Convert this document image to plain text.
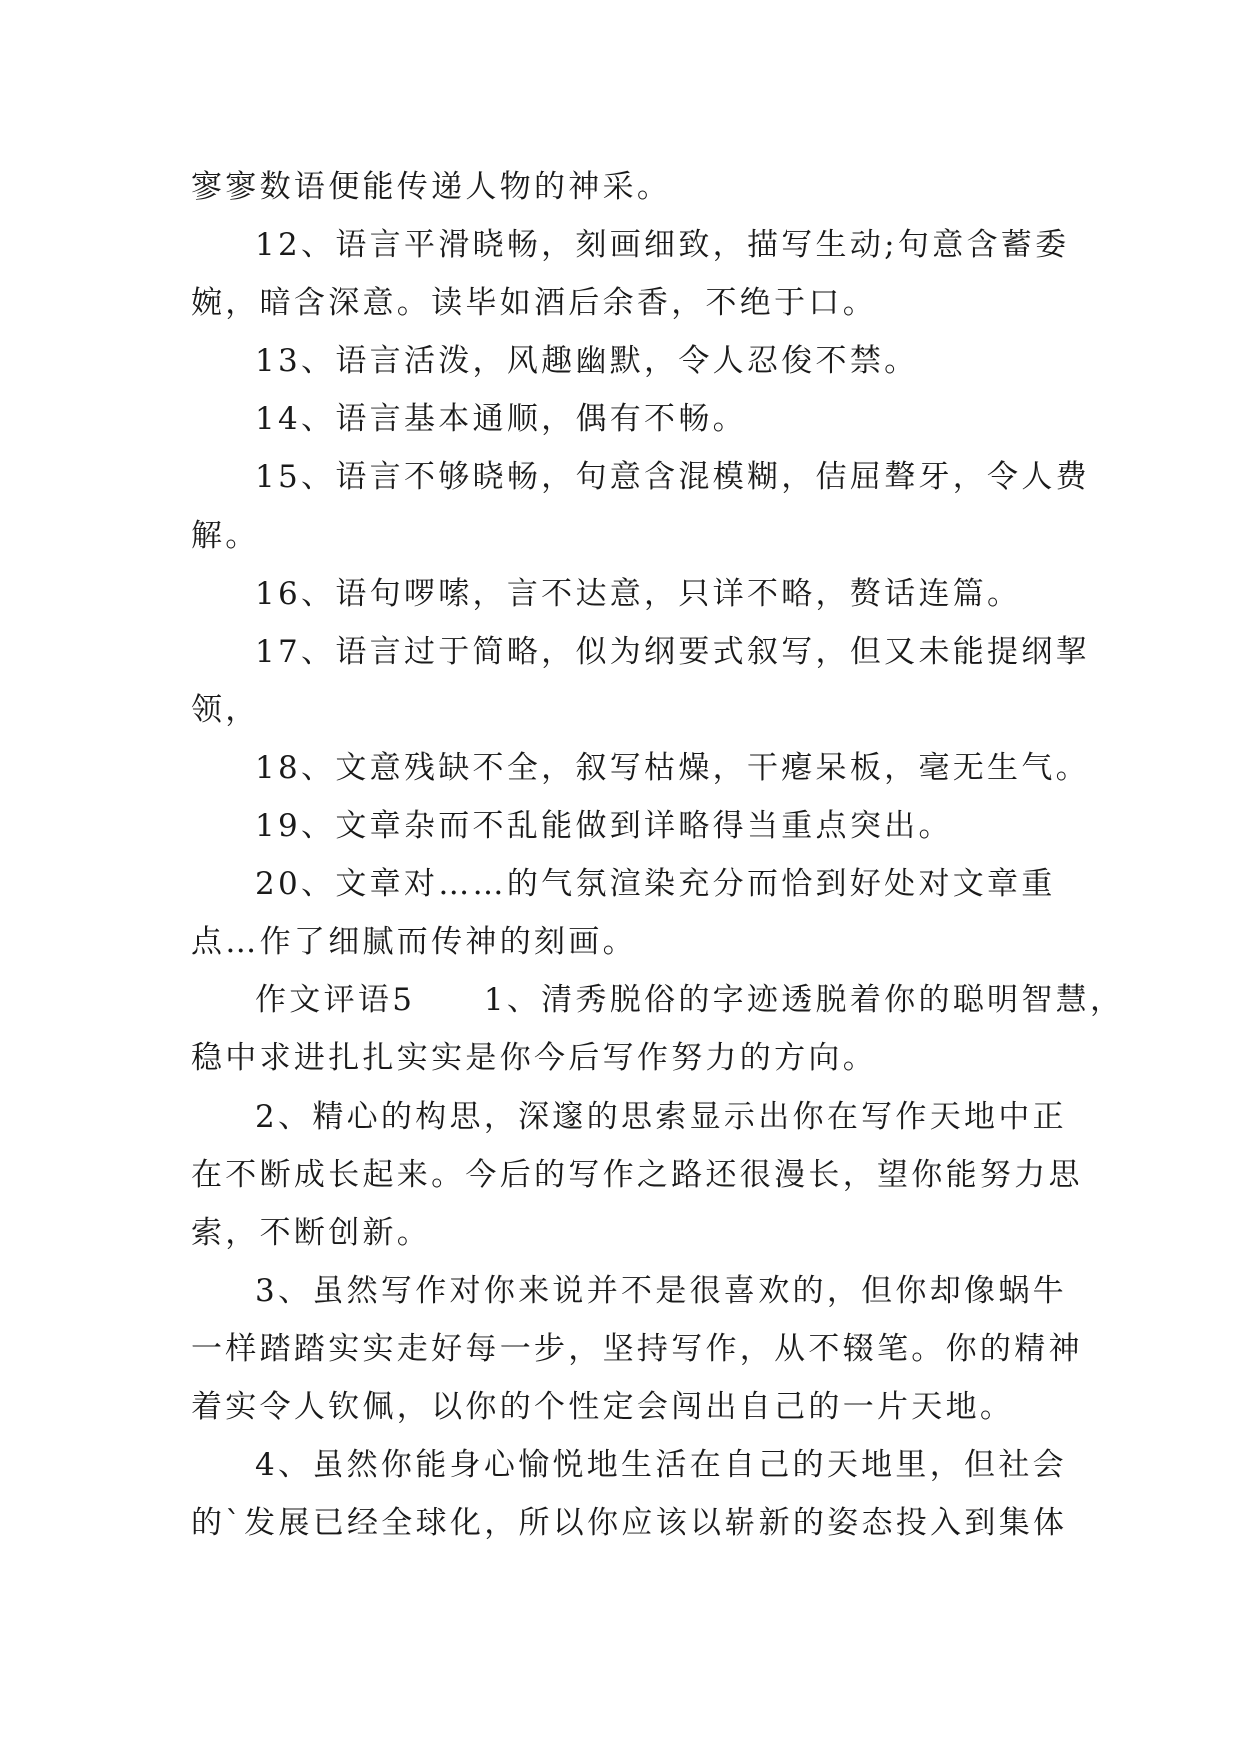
寥寥数语便能传递人物的神采。
12、语言平滑晓畅，刻画细致，描写生动;句意含蓄委
婉，暗含深意。读毕如酒后余香，不绝于口。
13、语言活泼，风趣幽默，令人忍俊不禁。
14、语言基本通顺，偶有不畅。
15、语言不够晓畅，句意含混模糊，佶屈聱牙，令人费
解。
16、语句啰嗦，言不达意，只详不略，赘话连篇。
17、语言过于简略，似为纲要式叙写，但又未能提纲挈
领，
18、文意残缺不全，叙写枯燥，干瘪呆板，毫无生气。
19、文章杂而不乱能做到详略得当重点突出。
20、文章对……的气氛渲染充分而恰到好处对文章重
点…作了细腻而传神的刻画。
作文评语5　　1、清秀脱俗的字迹透脱着你的聪明智慧，
稳中求进扎扎实实是你今后写作努力的方向。
2、精心的构思，深邃的思索显示出你在写作天地中正
在不断成长起来。今后的写作之路还很漫长，望你能努力思
索，不断创新。
3、虽然写作对你来说并不是很喜欢的，但你却像蜗牛
一样踏踏实实走好每一步，坚持写作，从不辍笔。你的精神
着实令人钦佩，以你的个性定会闯出自己的一片天地。
4、虽然你能身心愉悦地生活在自己的天地里，但社会
的`发展已经全球化，所以你应该以崭新的姿态投入到集体
